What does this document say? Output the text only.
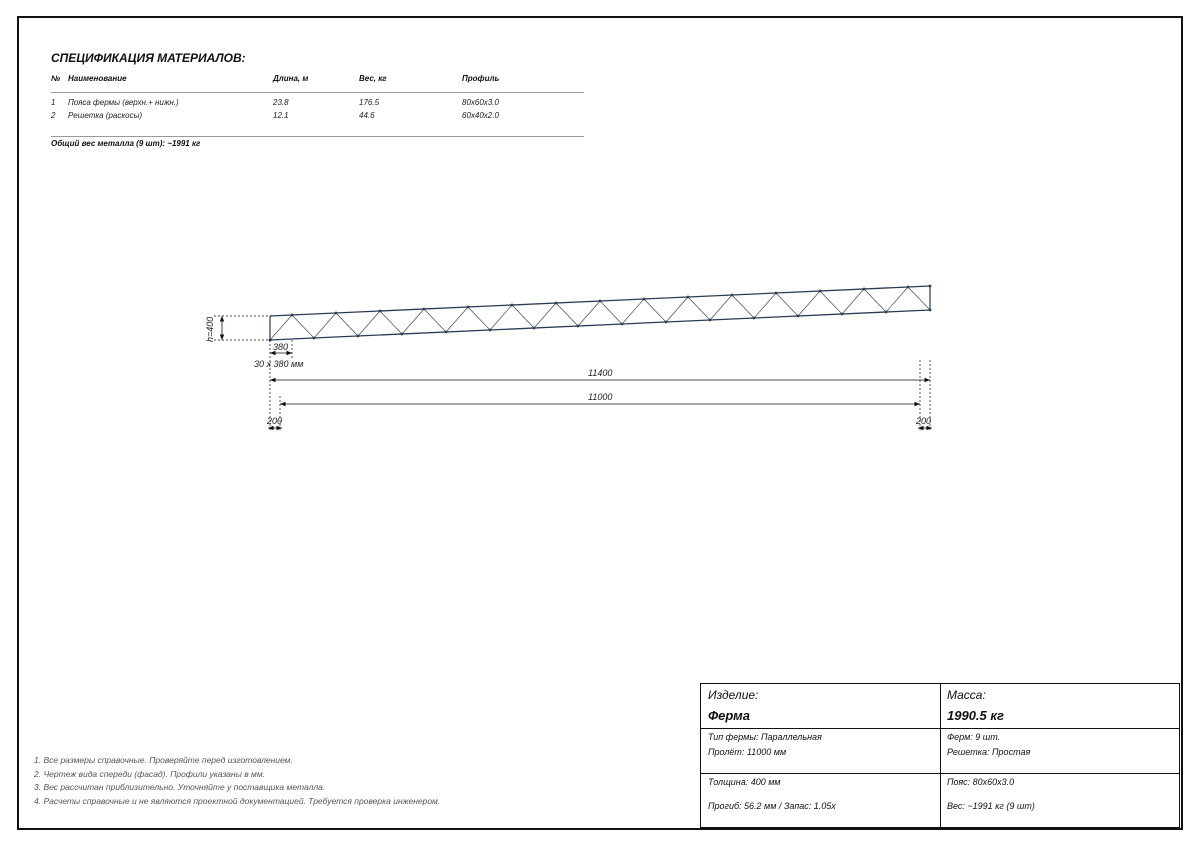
СПЕЦИФИКАЦИЯ МАТЕРИАЛОВ:
№ Наименование	Длина, м	Вес, кг	Профиль
1 Пояса фермы (верхн.+ нижн.)	23.8	176.5	80x60x3.0
2 Решетка (раскосы)	12.1	44.6	60x40x2.0
Общий вес металла (9 шт): ~1991 кг
h=400
380
30 x 380 мм
11400
11000
200	200
1. Все размеры справочные. Проверяйте перед изготовлением.
2. Чертеж вида спереди (фасад). Профили указаны в мм.
3. Вес рассчитан приблизительно. Уточняйте у поставщика металла.
4. Расчеты справочные и не являются проектной документацией. Требуется проверка инженером.
Изделие:
Ферма
Масса:
1990.5 кг
Тип фермы: Параллельная
Пролёт: 11000 мм
Ферм: 9 шт.
Решетка: Простая
Толщина: 400 мм
Прогиб: 56.2 мм / Запас: 1.05x
Пояс: 80x60x3.0
Вес: ~1991 кг (9 шт)
